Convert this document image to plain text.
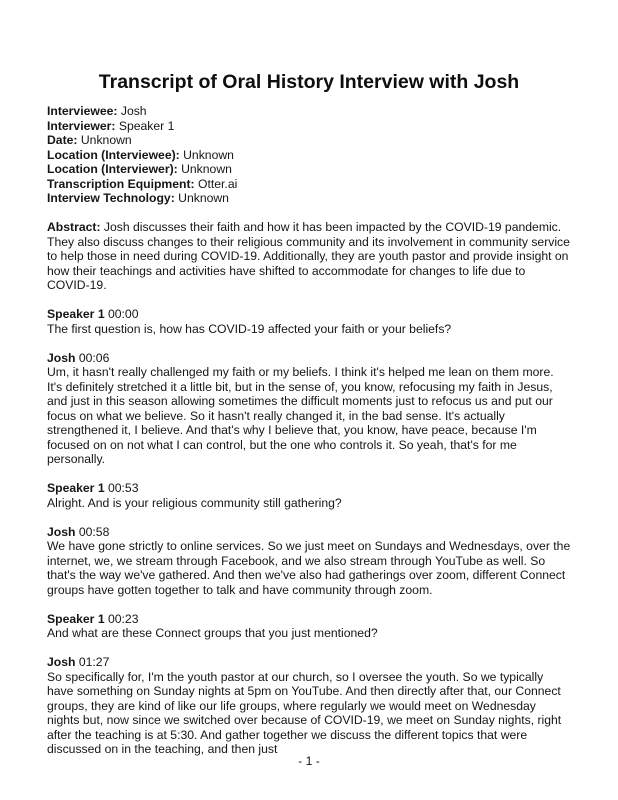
Transcript of Oral History Interview with Josh

Interviewee: Josh

Interviewer: Speaker 1

Date: Unknown

Location (Interviewee): Unknown

Location (Interviewer): Unknown

Transcription Equipment: Otter.ai

Interview Technology: Unknown

Abstract: Josh discusses their faith and how it has been impacted by the COVID-19 pandemic. They also discuss changes to their religious community and its involvement in community service to help those in need during COVID-19. Additionally, they are youth pastor and provide insight on how their teachings and activities have shifted to accommodate for changes to life due to COVID-19.

Speaker 1 00:00

The first question is, how has COVID-19 affected your faith or your beliefs?

Josh 00:06

Um, it hasn't really challenged my faith or my beliefs. I think it's helped me lean on them more. It's definitely stretched it a little bit, but in the sense of, you know, refocusing my faith in Jesus, and just in this season allowing sometimes the difficult moments just to refocus us and put our focus on what we believe. So it hasn't really changed it, in the bad sense. It's actually strengthened it, I believe. And that's why I believe that, you know, have peace, because I'm focused on on not what I can control, but the one who controls it. So yeah, that's for me personally.

Speaker 1 00:53

Alright. And is your religious community still gathering?

Josh 00:58

We have gone strictly to online services. So we just meet on Sundays and Wednesdays, over the internet, we, we stream through Facebook, and we also stream through YouTube as well. So that's the way we've gathered. And then we've also had gatherings over zoom, different Connect groups have gotten together to talk and have community through zoom.

Speaker 1 00:23

And what are these Connect groups that you just mentioned?

Josh 01:27

So specifically for, I'm the youth pastor at our church, so I oversee the youth. So we typically have something on Sunday nights at 5pm on YouTube. And then directly after that, our Connect groups, they are kind of like our life groups, where regularly we would meet on Wednesday nights but, now since we switched over because of COVID-19, we meet on Sunday nights, right after the teaching is at 5:30. And gather together we discuss the different topics that were discussed on in the teaching, and then just

- 1 -
